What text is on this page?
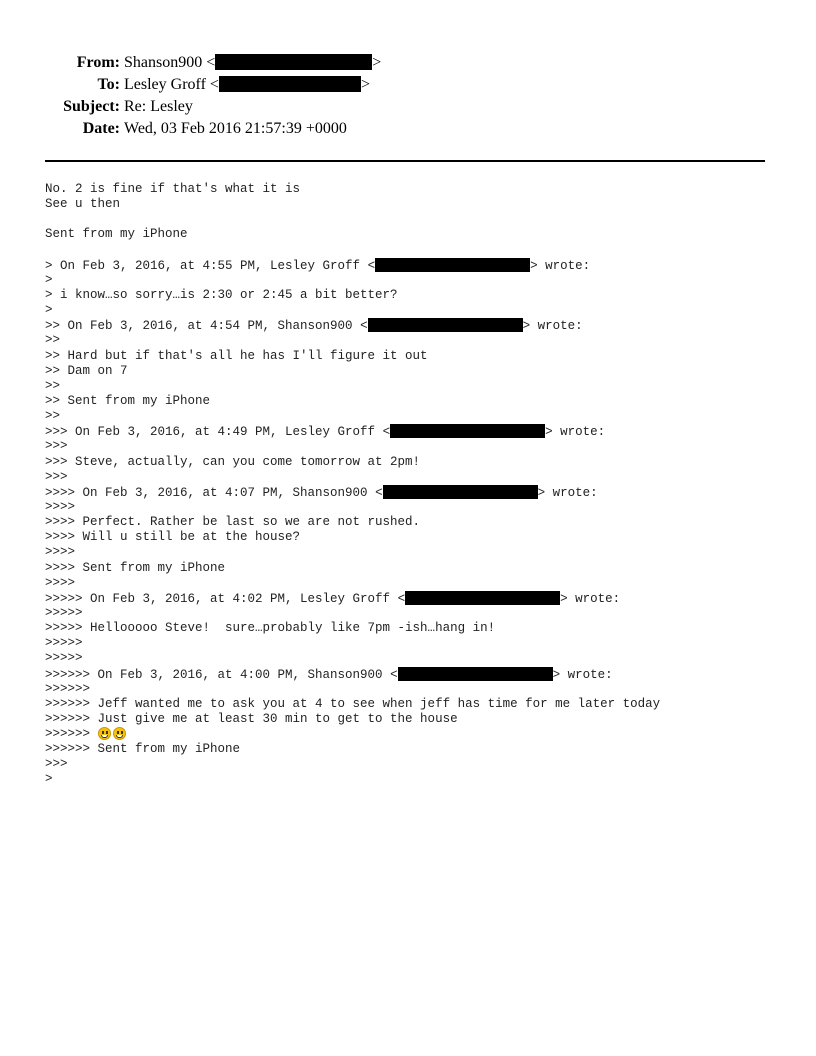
From: Shanson900 <	>
To: Lesley Groff <	>
Subject: Re: Lesley
Date: Wed, 03 Feb 2016 21:57:39 +0000
No. 2 is fine if that's what it is
See u then
Sent from my iPhone
> On Feb 3, 2016, at 4:55 PM, Lesley Groff <	> wrote:
>
> i know…so sorry…is 2:30 or 2:45 a bit better?
>
>> On Feb 3, 2016, at 4:54 PM, Shanson900 <	> wrote:
>>
>> Hard but if that's all he has I'll figure it out
>> Dam on 7
>>
>> Sent from my iPhone
>>
>>> On Feb 3, 2016, at 4:49 PM, Lesley Groff <	> wrote:
>>>
>>> Steve, actually, can you come tomorrow at 2pm!
>>>
>>>> On Feb 3, 2016, at 4:07 PM, Shanson900 <	> wrote:
>>>>
>>>> Perfect. Rather be last so we are not rushed.
>>>> Will u still be at the house?
>>>>
>>>> Sent from my iPhone
>>>>
>>>>> On Feb 3, 2016, at 4:02 PM, Lesley Groff <	> wrote:
>>>>>
>>>>> Hellooooo Steve!  sure…probably like 7pm -ish…hang in!
>>>>>
>>>>>
>>>>>> On Feb 3, 2016, at 4:00 PM, Shanson900 <	> wrote:
>>>>>>
>>>>>> Jeff wanted me to ask you at 4 to see when jeff has time for me later today
>>>>>> Just give me at least 30 min to get to the house
>>>>>>
>>>>>> Sent from my iPhone
>>>
>
